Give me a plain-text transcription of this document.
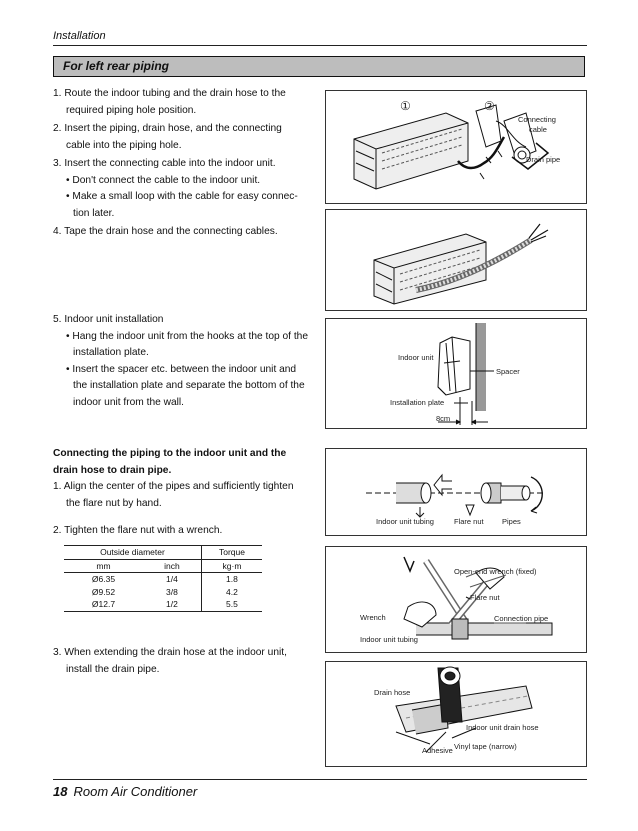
Installation
For left rear piping

1. Route the indoor tubing and the drain hose to the

required piping hole position.

2. Insert the piping, drain hose, and the connecting

cable into the piping hole.

3. Insert the connecting cable into the indoor unit.

• Don't connect the cable to the indoor unit.

• Make a small loop with the cable for easy connec-

tion later.

4. Tape the drain hose and the connecting cables.

5. Indoor unit installation

• Hang the indoor unit from the hooks at the top of the

installation plate.

• Insert the spacer etc. between the indoor unit and

the installation plate and separate the bottom of the

indoor unit from the wall.

Connecting the piping to the indoor unit and the

drain hose to drain pipe.

1. Align the center of the pipes and sufficiently tighten

the flare nut by hand.

2. Tighten the flare nut with a wrench.
Outside diameter		Torque
mm	inch	kg·m
Ø6.35	1/4	1.8
Ø9.52	3/8	4.2
Ø12.7	1/2	5.5

3. When extending the drain hose at the indoor unit,

install the drain pipe.

①	②
Connecting
cable
Drain pipe
Indoor unit
Spacer
Installation plate
8cm
Indoor unit tubing	Flare nut Pipes
Open-end wrench (fixed)
Flare nut
Wrench	Connection pipe
Indoor unit tubing
Drain hose
Indoor unit drain hose
Adhesive Vinyl tape (narrow)
18 Room Air Conditioner
